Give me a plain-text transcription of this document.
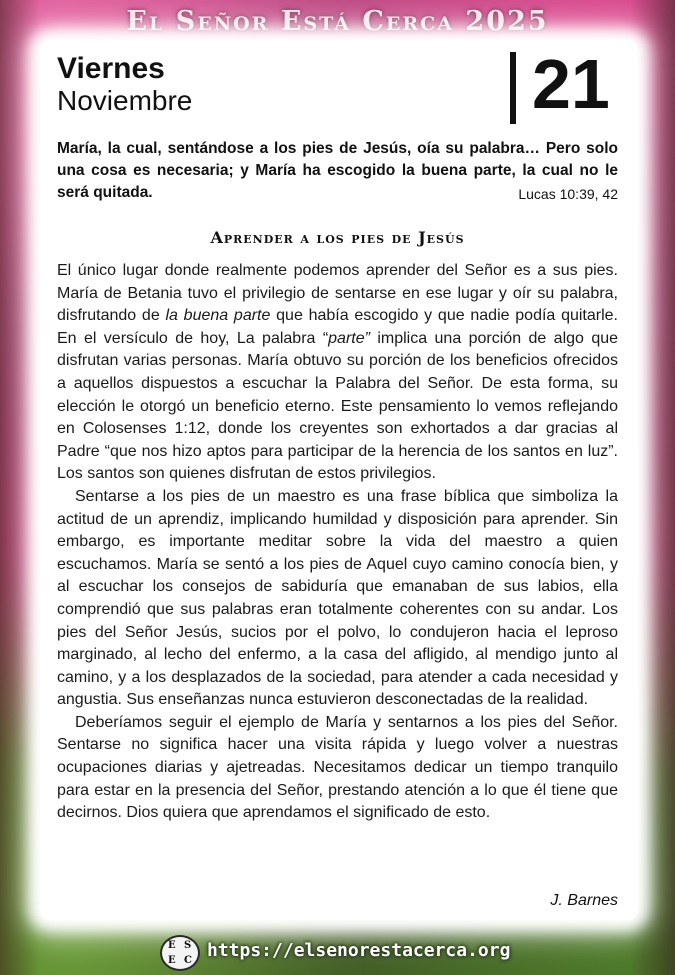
El Señor Está Cerca 2025
Viernes
Noviembre	21
María, la cual, sentándose a los pies de Jesús, oía su palabra… Pero solo una cosa es necesaria; y María ha escogido la buena parte, la cual no le será quitada.	Lucas 10:39, 42
Aprender a los pies de Jesús

El único lugar donde realmente podemos aprender del Señor es a sus pies. María de Betania tuvo el privilegio de sentarse en ese lugar y oír su palabra, disfrutando de la buena parte que había escogido y que nadie podía quitarle. En el versículo de hoy, La palabra “parte” implica una porción de algo que disfrutan varias personas. María obtuvo su porción de los beneficios ofrecidos a aquellos dispuestos a escuchar la Palabra del Señor. De esta forma, su elección le otorgó un beneficio eterno. Este pensamiento lo vemos reflejando en Colosenses 1:12, donde los creyentes son exhortados a dar gracias al Padre “que nos hizo aptos para participar de la herencia de los santos en luz”. Los santos son quienes disfrutan de estos privilegios.

Sentarse a los pies de un maestro es una frase bíblica que simboliza la actitud de un aprendiz, implicando humildad y disposición para aprender. Sin embargo, es importante meditar sobre la vida del maestro a quien escuchamos. María se sentó a los pies de Aquel cuyo camino conocía bien, y al escuchar los consejos de sabiduría que emanaban de sus labios, ella comprendió que sus palabras eran totalmente coherentes con su andar. Los pies del Señor Jesús, sucios por el polvo, lo condujeron hacia el leproso marginado, al lecho del enfermo, a la casa del afligido, al mendigo junto al camino, y a los desplazados de la sociedad, para atender a cada necesidad y angustia. Sus enseñanzas nunca estuvieron desconectadas de la realidad.

Deberíamos seguir el ejemplo de María y sentarnos a los pies del Señor. Sentarse no significa hacer una visita rápida y luego volver a nuestras ocupaciones diarias y ajetreadas. Necesitamos dedicar un tiempo tranquilo para estar en la presencia del Señor, prestando atención a lo que él tiene que decirnos. Dios quiera que aprendamos el significado de esto.

J. Barnes
E S
E C https://elsenorestacerca.org
